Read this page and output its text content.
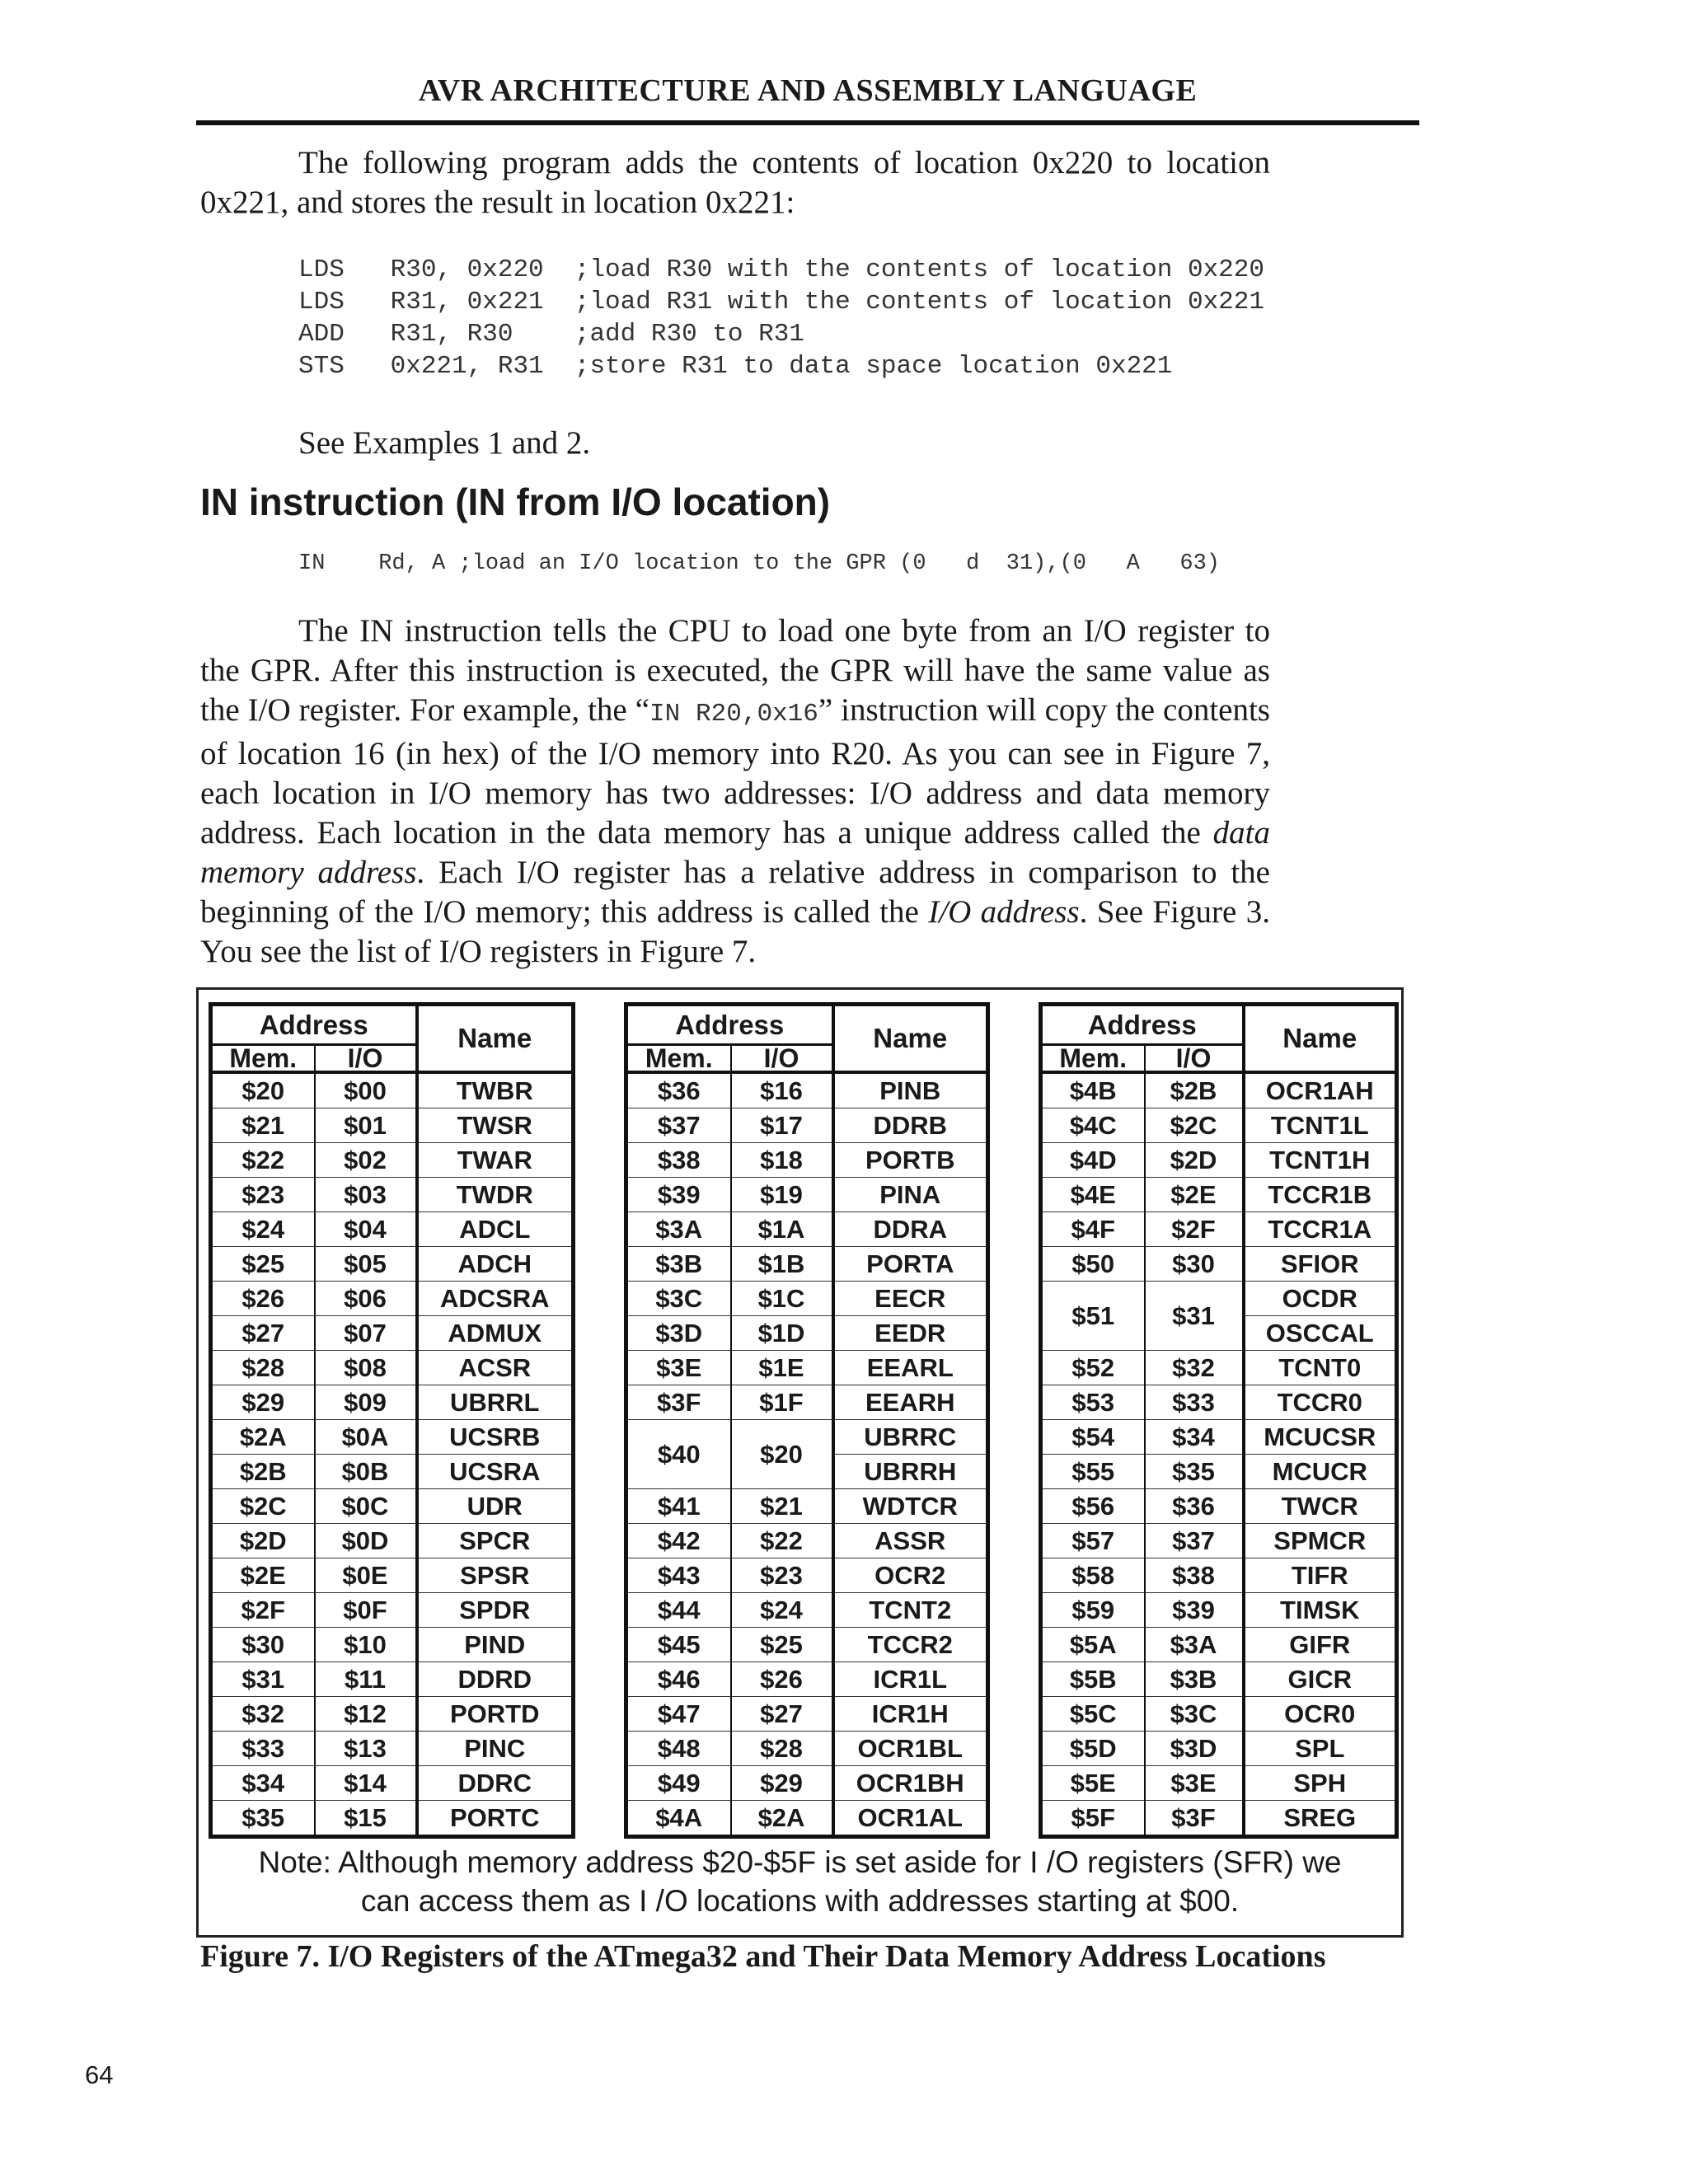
AVR ARCHITECTURE AND ASSEMBLY LANGUAGE

The following program adds the contents of location 0x220 to location 0x221, and stores the result in location 0x221:

LDS   R30, 0x220  ;load R30 with the contents of location 0x220
LDS   R31, 0x221  ;load R31 with the contents of location 0x221
ADD   R31, R30    ;add R30 to R31
STS   0x221, R31  ;store R31 to data space location 0x221

See Examples 1 and 2.

IN instruction (IN from I/O location)
IN    Rd, A ;load an I/O location to the GPR (0   d  31),(0   A   63)

The IN instruction tells the CPU to load one byte from an I/O register to the GPR. After this instruction is executed, the GPR will have the same value as the I/O register. For example, the “IN R20,0x16” instruction will copy the contents of location 16 (in hex) of the I/O memory into R20. As you can see in Figure 7, each location in I/O memory has two addresses: I/O address and data memory address. Each location in the data memory has a unique address called the data memory address. Each I/O register has a relative address in comparison to the beginning of the I/O memory; this address is called the I/O address. See Figure 3. You see the list of I/O registers in Figure 7.

Address		Name
Mem.	I/O	
$20	$00	TWBR
$21	$01	TWSR
$22	$02	TWAR
$23	$03	TWDR
$24	$04	ADCL
$25	$05	ADCH
$26	$06	ADCSRA
$27	$07	ADMUX
$28	$08	ACSR
$29	$09	UBRRL
$2A	$0A	UCSRB
$2B	$0B	UCSRA
$2C	$0C	UDR
$2D	$0D	SPCR
$2E	$0E	SPSR
$2F	$0F	SPDR
$30	$10	PIND
$31	$11	DDRD
$32	$12	PORTD
$33	$13	PINC
$34	$14	DDRC
$35	$15	PORTC
Address		Name
Mem.	I/O	
$36	$16	PINB
$37	$17	DDRB
$38	$18	PORTB
$39	$19	PINA
$3A	$1A	DDRA
$3B	$1B	PORTA
$3C	$1C	EECR
$3D	$1D	EEDR
$3E	$1E	EEARL
$3F	$1F	EEARH
$40	$20	UBRRC
		UBRRH
$41	$21	WDTCR
$42	$22	ASSR
$43	$23	OCR2
$44	$24	TCNT2
$45	$25	TCCR2
$46	$26	ICR1L
$47	$27	ICR1H
$48	$28	OCR1BL
$49	$29	OCR1BH
$4A	$2A	OCR1AL
Address		Name
Mem.	I/O	
$4B	$2B	OCR1AH
$4C	$2C	TCNT1L
$4D	$2D	TCNT1H
$4E	$2E	TCCR1B
$4F	$2F	TCCR1A
$50	$30	SFIOR
$51	$31	OCDR
		OSCCAL
$52	$32	TCNT0
$53	$33	TCCR0
$54	$34	MCUCSR
$55	$35	MCUCR
$56	$36	TWCR
$57	$37	SPMCR
$58	$38	TIFR
$59	$39	TIMSK
$5A	$3A	GIFR
$5B	$3B	GICR
$5C	$3C	OCR0
$5D	$3D	SPL
$5E	$3E	SPH
$5F	$3F	SREG

Note: Although memory address $20-$5F is set aside for I /O registers (SFR) we
can access them as I /O locations with addresses starting at $00.

Figure 7. I/O Registers of the ATmega32 and Their Data Memory Address Locations

64
